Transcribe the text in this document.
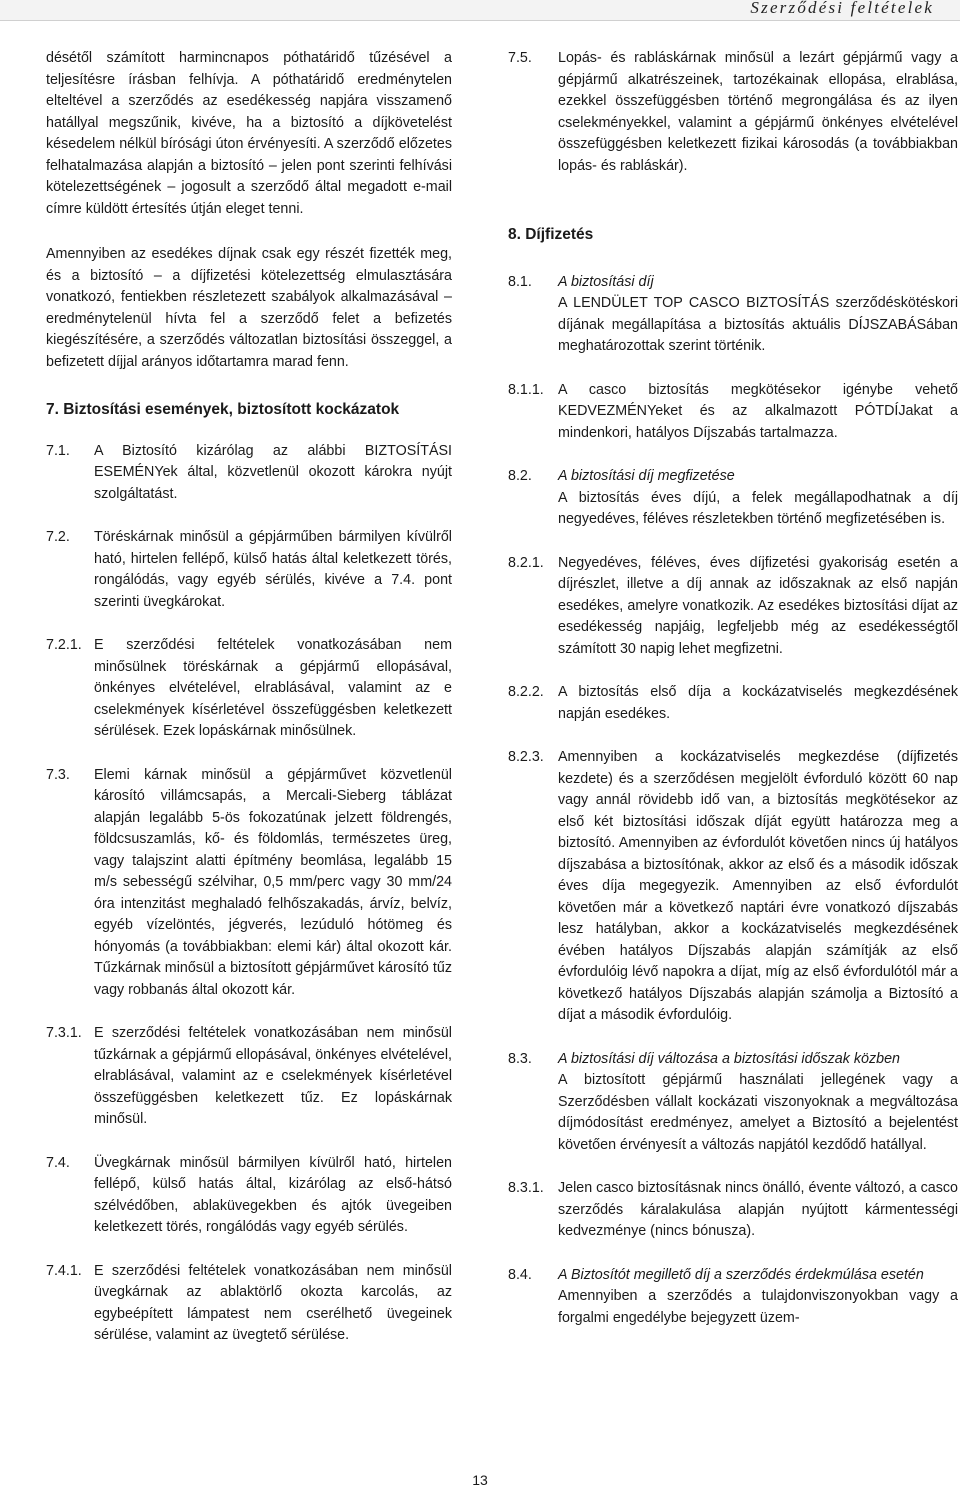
Szerződési feltételek

désétől számított harmincnapos póthatáridő tűzésével a teljesítésre írásban felhívja. A póthatáridő eredménytelen elteltével a szerződés az esedékesség napjára visszamenő hatállyal megszűnik, kivéve, ha a biztosító a díjkövetelést késedelem nélkül bírósági úton érvényesíti. A szerződő előzetes felhatalmazása alapján a biztosító – jelen pont szerinti felhívási kötelezettségének – jogosult a szerződő által megadott e-mail címre küldött értesítés útján eleget tenni.

Amennyiben az esedékes díjnak csak egy részét fizették meg, és a biztosító – a díjfizetési kötelezettség elmulasztására vonatkozó, fentiekben részletezett szabályok alkalmazásával – eredménytelenül hívta fel a szerződő felet a befizetés kiegészítésére, a szerződés változatlan biztosítási összeggel, a befizetett díjjal arányos időtartamra marad fenn.

7. Biztosítási események, biztosított kockázatok

7.1.	A Biztosító kizárólag az alábbi BIZTOSÍTÁSI ESEMÉNYek által, közvetlenül okozott károkra nyújt szolgáltatást.
7.2.	Töréskárnak minősül a gépjárműben bármilyen kívülről ható, hirtelen fellépő, külső hatás által keletkezett törés, rongálódás, vagy egyéb sérülés, kivéve a 7.4. pont szerinti üvegkárokat.
7.2.1. E szerződési feltételek vonatkozásában nem minősülnek töréskárnak a gépjármű ellopásával, önkényes elvételével, elrablásával, valamint az e cselekmények kísérletével összefüggésben keletkezett sérülések. Ezek lopáskárnak minősülnek.
7.3.	Elemi kárnak minősül a gépjárművet közvetlenül károsító villámcsapás, a Mercali-Sieberg táblázat alapján legalább 5-ös fokozatúnak jelzett földrengés, földcsuszamlás, kő- és földomlás, természetes üreg, vagy talajszint alatti építmény beomlása, legalább 15 m/s sebességű szélvihar, 0,5 mm/perc vagy 30 mm/24 óra intenzitást meghaladó felhőszakadás, árvíz, belvíz, egyéb vízelöntés, jégverés, lezúduló hótömeg és hónyomás (a továbbiakban: elemi kár) által okozott kár. Tűzkárnak minősül a biztosított gépjárművet károsító tűz vagy robbanás által okozott kár.
7.3.1. E szerződési feltételek vonatkozásában nem minősül tűzkárnak a gépjármű ellopásával, önkényes elvételével, elrablásával, valamint az e cselekmények kísérletével összefüggésben keletkezett tűz. Ez lopáskárnak minősül.
7.4.	Üvegkárnak minősül bármilyen kívülről ható, hirtelen fellépő, külső hatás által, kizárólag az első-hátsó szélvédőben, ablaküvegekben és ajtók üvegeiben keletkezett törés, rongálódás vagy egyéb sérülés.
7.4.1. E szerződési feltételek vonatkozásában nem minősül üvegkárnak az ablaktörlő okozta karcolás, az egybeépített lámpatest nem cserélhető üvegeinek sérülése, valamint az üvegtető sérülése.
7.5.	Lopás- és rabláskárnak minősül a lezárt gépjármű vagy a gépjármű alkatrészeinek, tartozékainak ellopása, elrablása, ezekkel összefüggésben történő megrongálása és az ilyen cselekményekkel, valamint a gépjármű önkényes elvételével összefüggésben keletkezett fizikai károsodás (a továbbiakban lopás- és rabláskár).

8. Díjfizetés

8.1.	A biztosítási díj
A LENDÜLET TOP CASCO BIZTOSÍTÁS szerződéskötéskori díjának megállapítása a biztosítás aktuális DÍJSZABÁSában meghatározottak szerint történik.
8.1.1. A casco biztosítás megkötésekor igénybe vehető KEDVEZMÉNYeket és az alkalmazott PÓTDÍJakat a mindenkori, hatályos Díjszabás tartalmazza.
8.2.	A biztosítási díj megfizetése
A biztosítás éves díjú, a felek megállapodhatnak a díj negyedéves, féléves részletekben történő megfizetésében is.
8.2.1. Negyedéves, féléves, éves díjfizetési gyakoriság esetén a díjrészlet, illetve a díj annak az időszaknak az első napján esedékes, amelyre vonatkozik. Az esedékes biztosítási díjat az esedékesség napjáig, legfeljebb még az esedékességtől számított 30 napig lehet megfizetni.
8.2.2. A biztosítás első díja a kockázatviselés megkezdésének napján esedékes.
8.2.3. Amennyiben a kockázatviselés megkezdése (díjfizetés kezdete) és a szerződésen megjelölt évforduló között 60 nap vagy annál rövidebb idő van, a biztosítás megkötésekor az első két biztosítási időszak díját együtt határozza meg a biztosító. Amennyiben az évfordulót követően nincs új hatályos díjszabása a biztosítónak, akkor az első és a második időszak éves díja megegyezik. Amennyiben az első évfordulót követően már a következő naptári évre vonatkozó díjszabás lesz hatályban, akkor a kockázatviselés megkezdésének évében hatályos Díjszabás alapján számítják az első évfordulóig lévő napokra a díjat, míg az első évfordulótól már a következő hatályos Díjszabás alapján számolja a Biztosító a díjat a második évfordulóig.
8.3.	A biztosítási díj változása a biztosítási időszak közben
A biztosított gépjármű használati jellegének vagy a Szerződésben vállalt kockázati viszonyoknak a megváltozása díjmódosítást eredményez, amelyet a Biztosító a bejelentést követően érvényesít a változás napjától kezdődő hatállyal.
8.3.1. Jelen casco biztosításnak nincs önálló, évente változó, a casco szerződés káralakulása alapján nyújtott kármentességi kedvezménye (nincs bónusza).
8.4.	A Biztosítót megillető díj a szerződés érdekmúlása esetén
Amennyiben a szerződés a tulajdonviszonyokban vagy a forgalmi engedélybe bejegyzett üzem-
13
